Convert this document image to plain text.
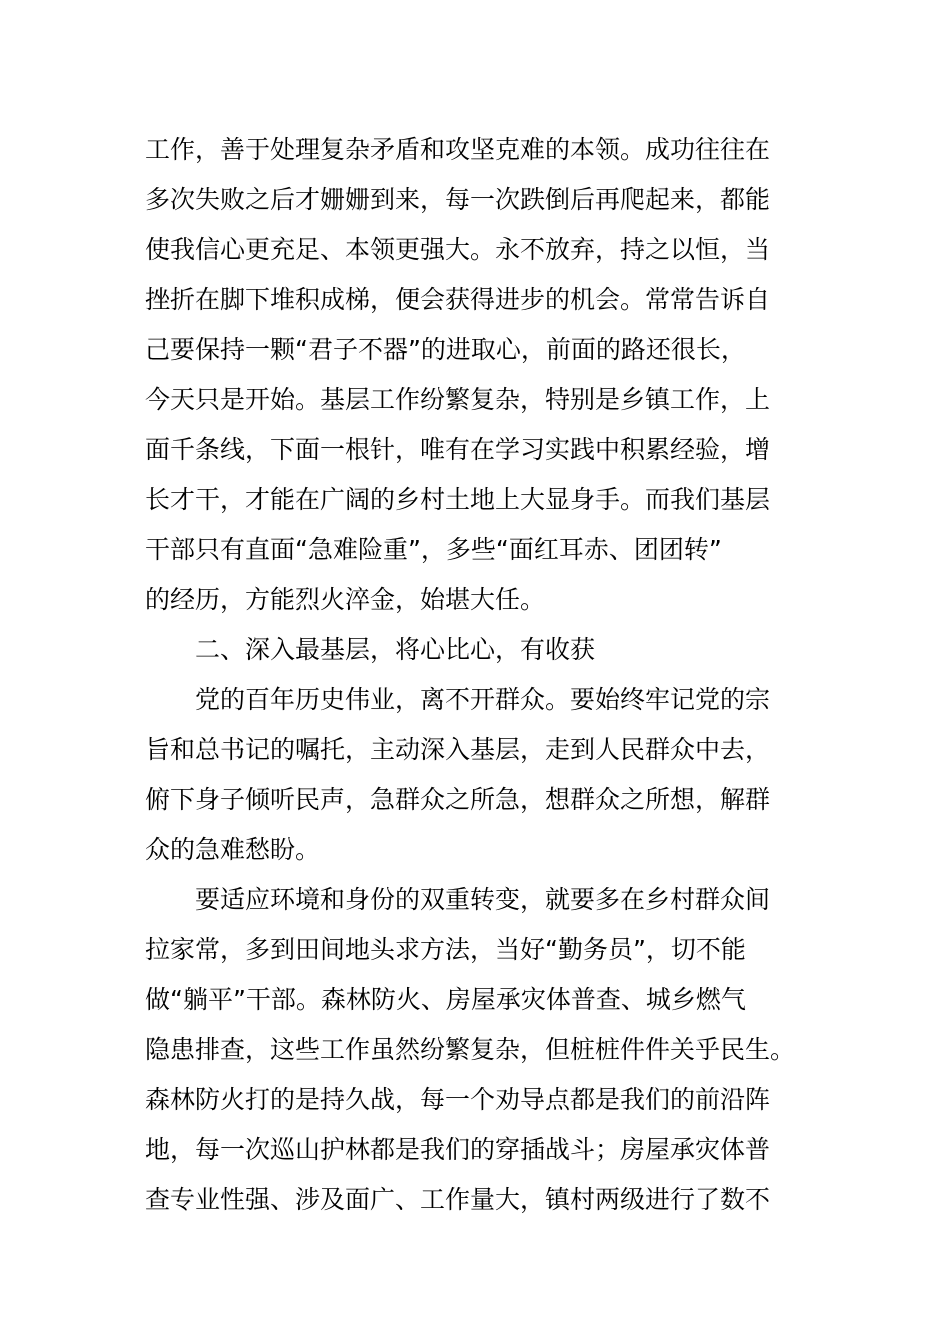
工作，善于处理复杂矛盾和攻坚克难的本领。成功往往在
多次失败之后才姗姗到来，每一次跌倒后再爬起来，都能
使我信心更充足、本领更强大。永不放弃，持之以恒，当
挫折在脚下堆积成梯，便会获得进步的机会。常常告诉自
己要保持一颗“君子不器”的进取心，前面的路还很长，
今天只是开始。基层工作纷繁复杂，特别是乡镇工作，上
面千条线，下面一根针，唯有在学习实践中积累经验，增
长才干，才能在广阔的乡村土地上大显身手。而我们基层
干部只有直面“急难险重”，多些“面红耳赤、团团转”
的经历，方能烈火淬金，始堪大任。
二、深入最基层，将心比心，有收获
党的百年历史伟业，离不开群众。要始终牢记党的宗
旨和总书记的嘱托，主动深入基层，走到人民群众中去，
俯下身子倾听民声，急群众之所急，想群众之所想，解群
众的急难愁盼。
要适应环境和身份的双重转变，就要多在乡村群众间
拉家常，多到田间地头求方法，当好“勤务员”，切不能
做“躺平”干部。森林防火、房屋承灾体普查、城乡燃气
隐患排查，这些工作虽然纷繁复杂，但桩桩件件关乎民生。
森林防火打的是持久战，每一个劝导点都是我们的前沿阵
地，每一次巡山护林都是我们的穿插战斗；房屋承灾体普
查专业性强、涉及面广、工作量大，镇村两级进行了数不
